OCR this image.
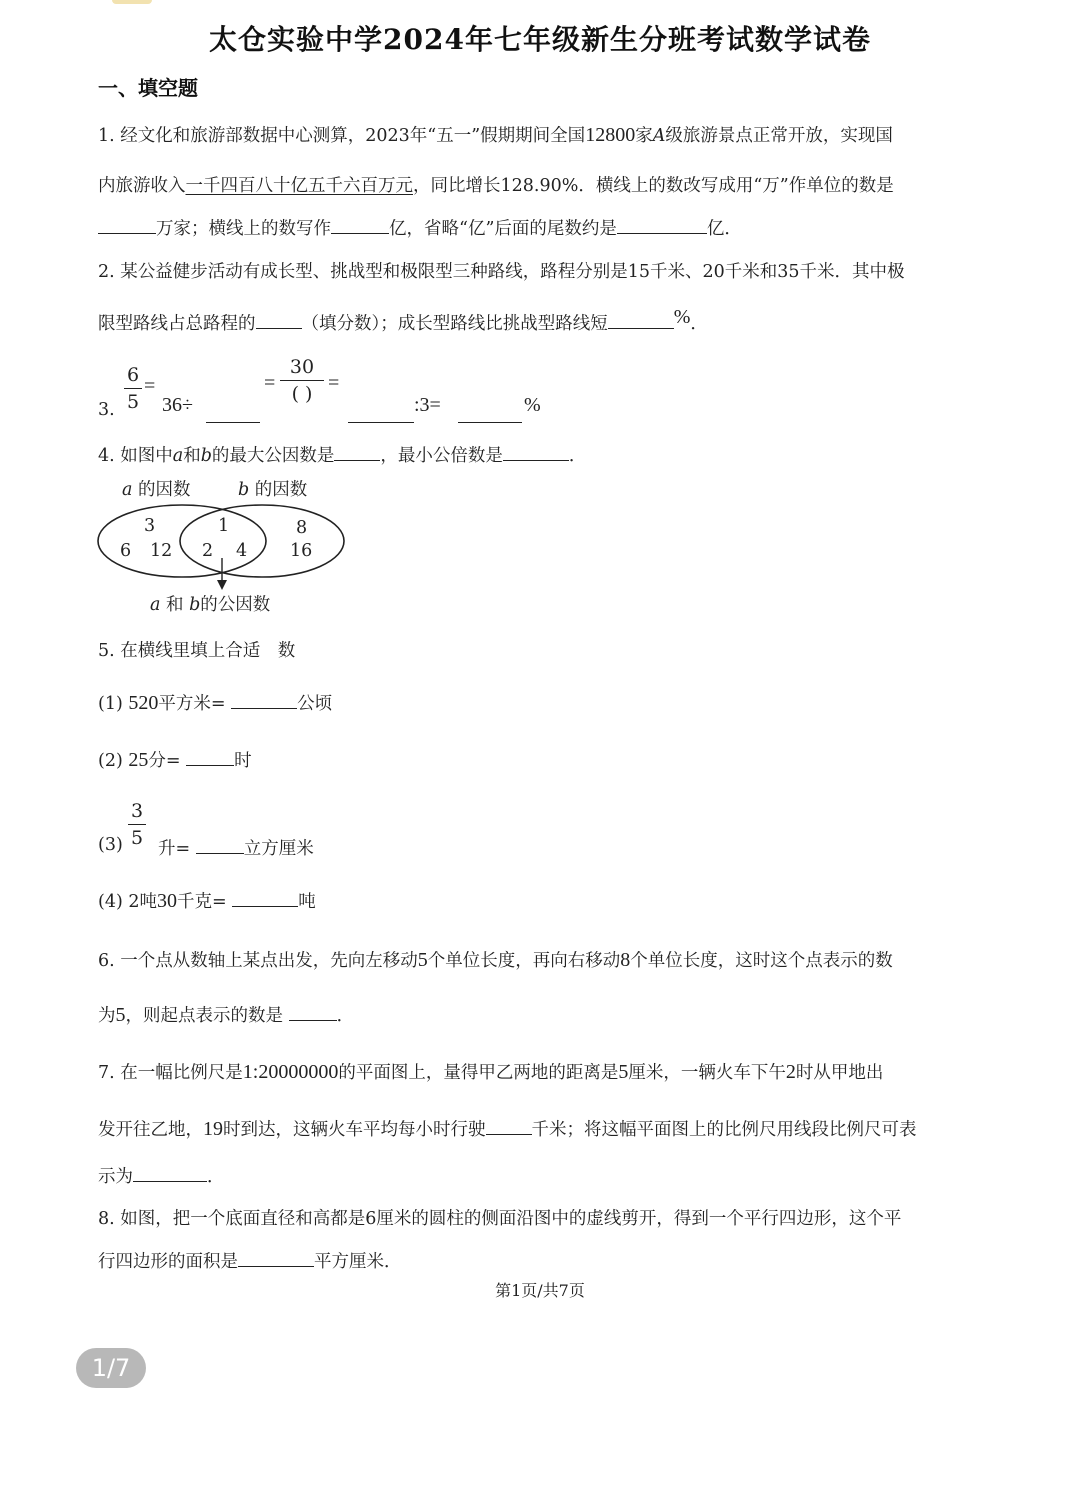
太仓实验中学2024年七年级新生分班考试数学试卷
一、填空题
1. 经文化和旅游部数据中心测算，2023年“五一”假期期间全国12800家A级旅游景点正常开放，实现国
内旅游收入一千四百八十亿五千六百万元，同比增长128.90%．横线上的数改写成用“万”作单位的数是
万家；横线上的数写作	亿，省略“亿”后面的尾数约是	亿．
2. 某公益健步活动有成长型、挑战型和极限型三种路线，路程分别是15千米、20千米和35千米．其中极
限型路线占总路程的	（填分数）；成长型路线比挑战型路线短	%．
3.
6
5
=
36÷
=
30
( ) =
:3=	%
4. 如图中a和b的最大公因数是	，最小公倍数是	．
a 的因数	b 的因数
3
6 12
1
2 4
8
16
a 和 b的公因数
5. 在横线里填上合适　数
(1) 520平方米=	公顷
(2) 25分=	时
(3)
3
5 升=	立方厘米
(4) 2吨30千克=	吨
6. 一个点从数轴上某点出发，先向左移动5个单位长度，再向右移动8个单位长度，这时这个点表示的数
为5，则起点表示的数是	．
7. 在一幅比例尺是1:20000000的平面图上，量得甲乙两地的距离是5厘米，一辆火车下午2时从甲地出
发开往乙地，19时到达，这辆火车平均每小时行驶	千米；将这幅平面图上的比例尺用线段比例尺可表
示为	．
8. 如图，把一个底面直径和高都是6厘米的圆柱的侧面沿图中的虚线剪开，得到一个平行四边形，这个平
行四边形的面积是	平方厘米．
第1页/共7页
1/7
